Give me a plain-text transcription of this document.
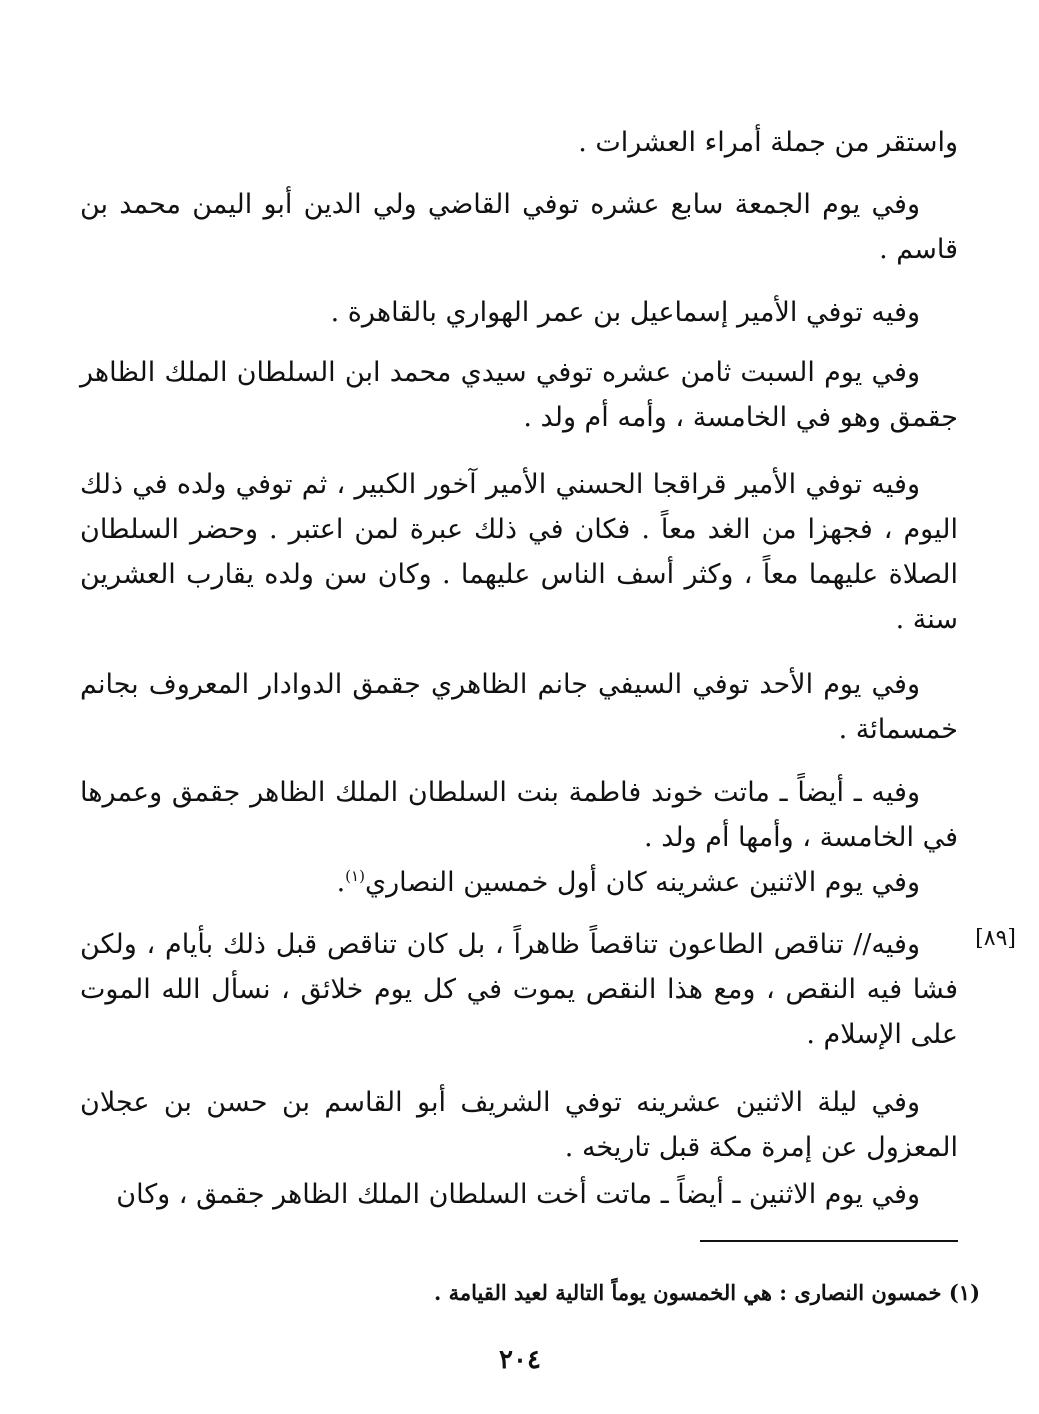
واستقر من جملة أمراء العشرات .

وفي يوم الجمعة سابع عشره توفي القاضي ولي الدين أبو اليمن محمد بن قاسم .

وفيه توفي الأمير إسماعيل بن عمر الهواري بالقاهرة .

وفي يوم السبت ثامن عشره توفي سيدي محمد ابن السلطان الملك الظاهر جقمق وهو في الخامسة ، وأمه أم ولد .

وفيه توفي الأمير قراقجا الحسني الأمير آخور الكبير ، ثم توفي ولده في ذلك اليوم ، فجهزا من الغد معاً . فكان في ذلك عبرة لمن اعتبر . وحضر السلطان الصلاة عليهما معاً ، وكثر أسف الناس عليهما . وكان سن ولده يقارب العشرين سنة .

وفي يوم الأحد توفي السيفي جانم الظاهري جقمق الدوادار المعروف بجانم خمسمائة .

وفيه ـ أيضاً ـ ماتت خوند فاطمة بنت السلطان الملك الظاهر جقمق وعمرها في الخامسة ، وأمها أم ولد .

وفي يوم الاثنين عشرينه كان أول خمسين النصاري$^{(١)}$.

وفيه// تناقص الطاعون تناقصاً ظاهراً ، بل كان تناقص قبل ذلك بأيام ، ولكن فشا فيه النقص ، ومع هذا النقص يموت في كل يوم خلائق ، نسأل الله الموت على الإسلام .

وفي ليلة الاثنين عشرينه توفي الشريف أبو القاسم بن حسن بن عجلان المعزول عن إمرة مكة قبل تاريخه .

وفي يوم الاثنين ـ أيضاً ـ ماتت أخت السلطان الملك الظاهر جقمق ، وكان

[٨٩]
(١) خمسون النصارى : هي الخمسون يوماً التالية لعيد القيامة .
٢٠٤
